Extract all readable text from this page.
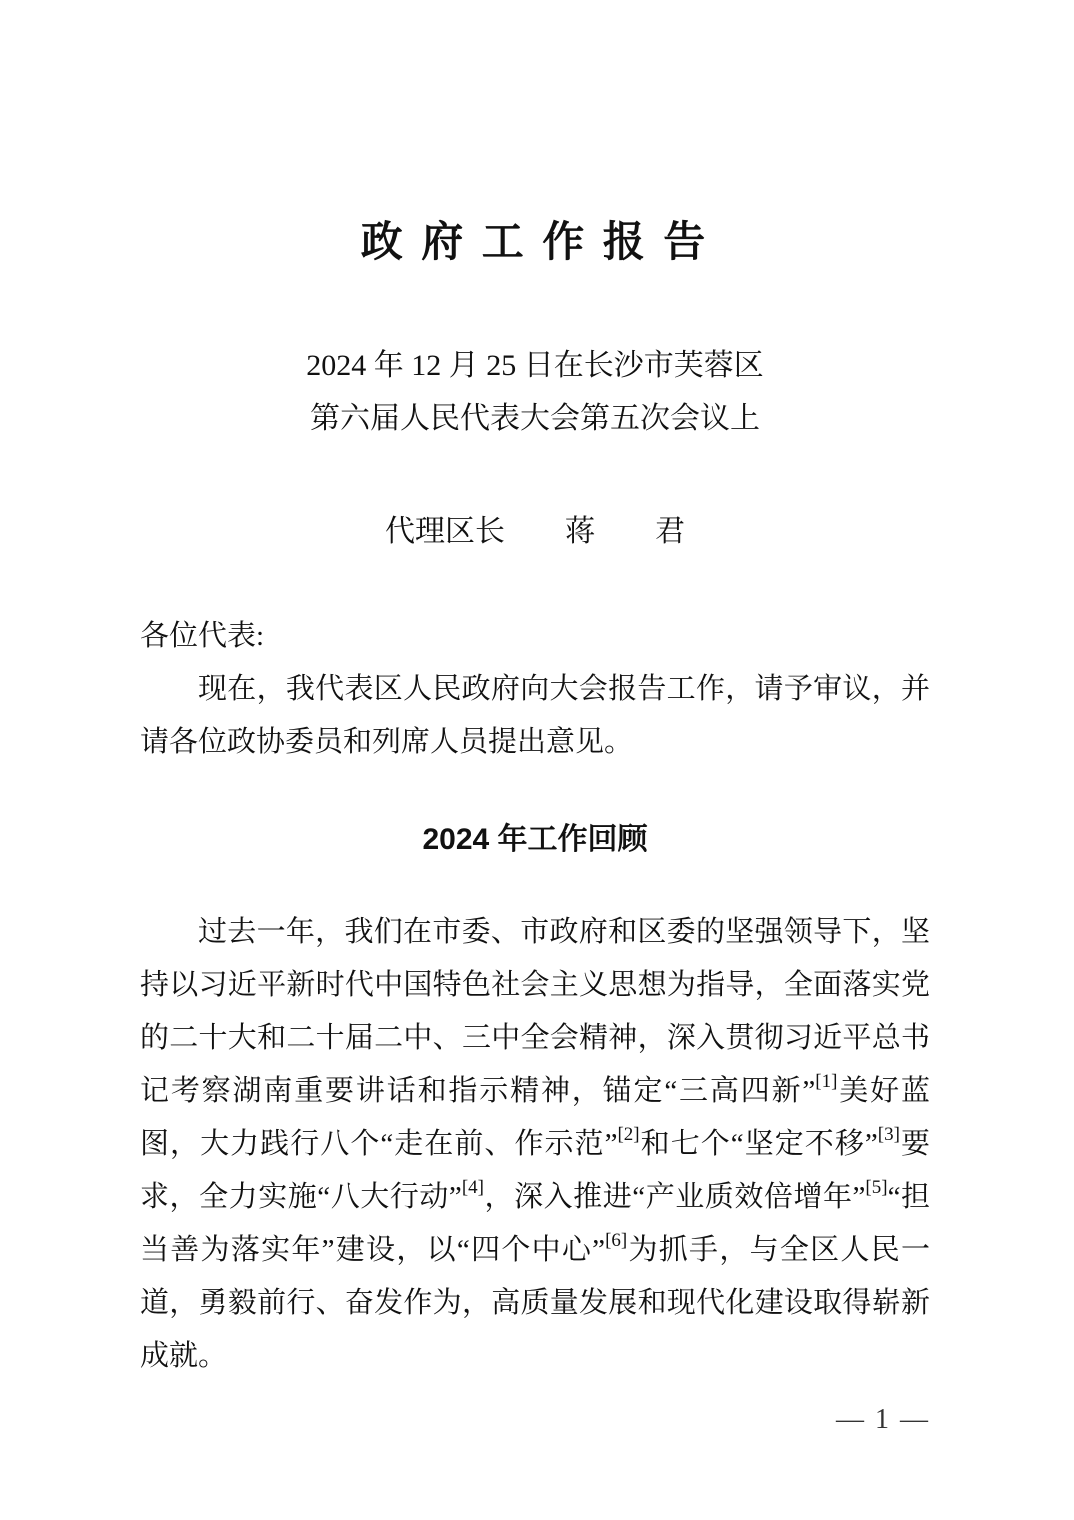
政 府 工 作 报 告
2024 年 12 月 25 日在长沙市芙蓉区
第六届人民代表大会第五次会议上
代理区长　　蒋　　君

各位代表:

现在，我代表区人民政府向大会报告工作，请予审议，并请各位政协委员和列席人员提出意见。

2024 年工作回顾

过去一年，我们在市委、市政府和区委的坚强领导下，坚持以习近平新时代中国特色社会主义思想为指导，全面落实党的二十大和二十届二中、三中全会精神，深入贯彻习近平总书记考察湖南重要讲话和指示精神，锚定“三高四新”[1]美好蓝图，大力践行八个“走在前、作示范”[2]和七个“坚定不移”[3]要求，全力实施“八大行动”[4]，深入推进“产业质效倍增年”[5]“担当善为落实年”建设，以“四个中心”[6]为抓手，与全区人民一道，勇毅前行、奋发作为，高质量发展和现代化建设取得崭新成就。

— 1 —
